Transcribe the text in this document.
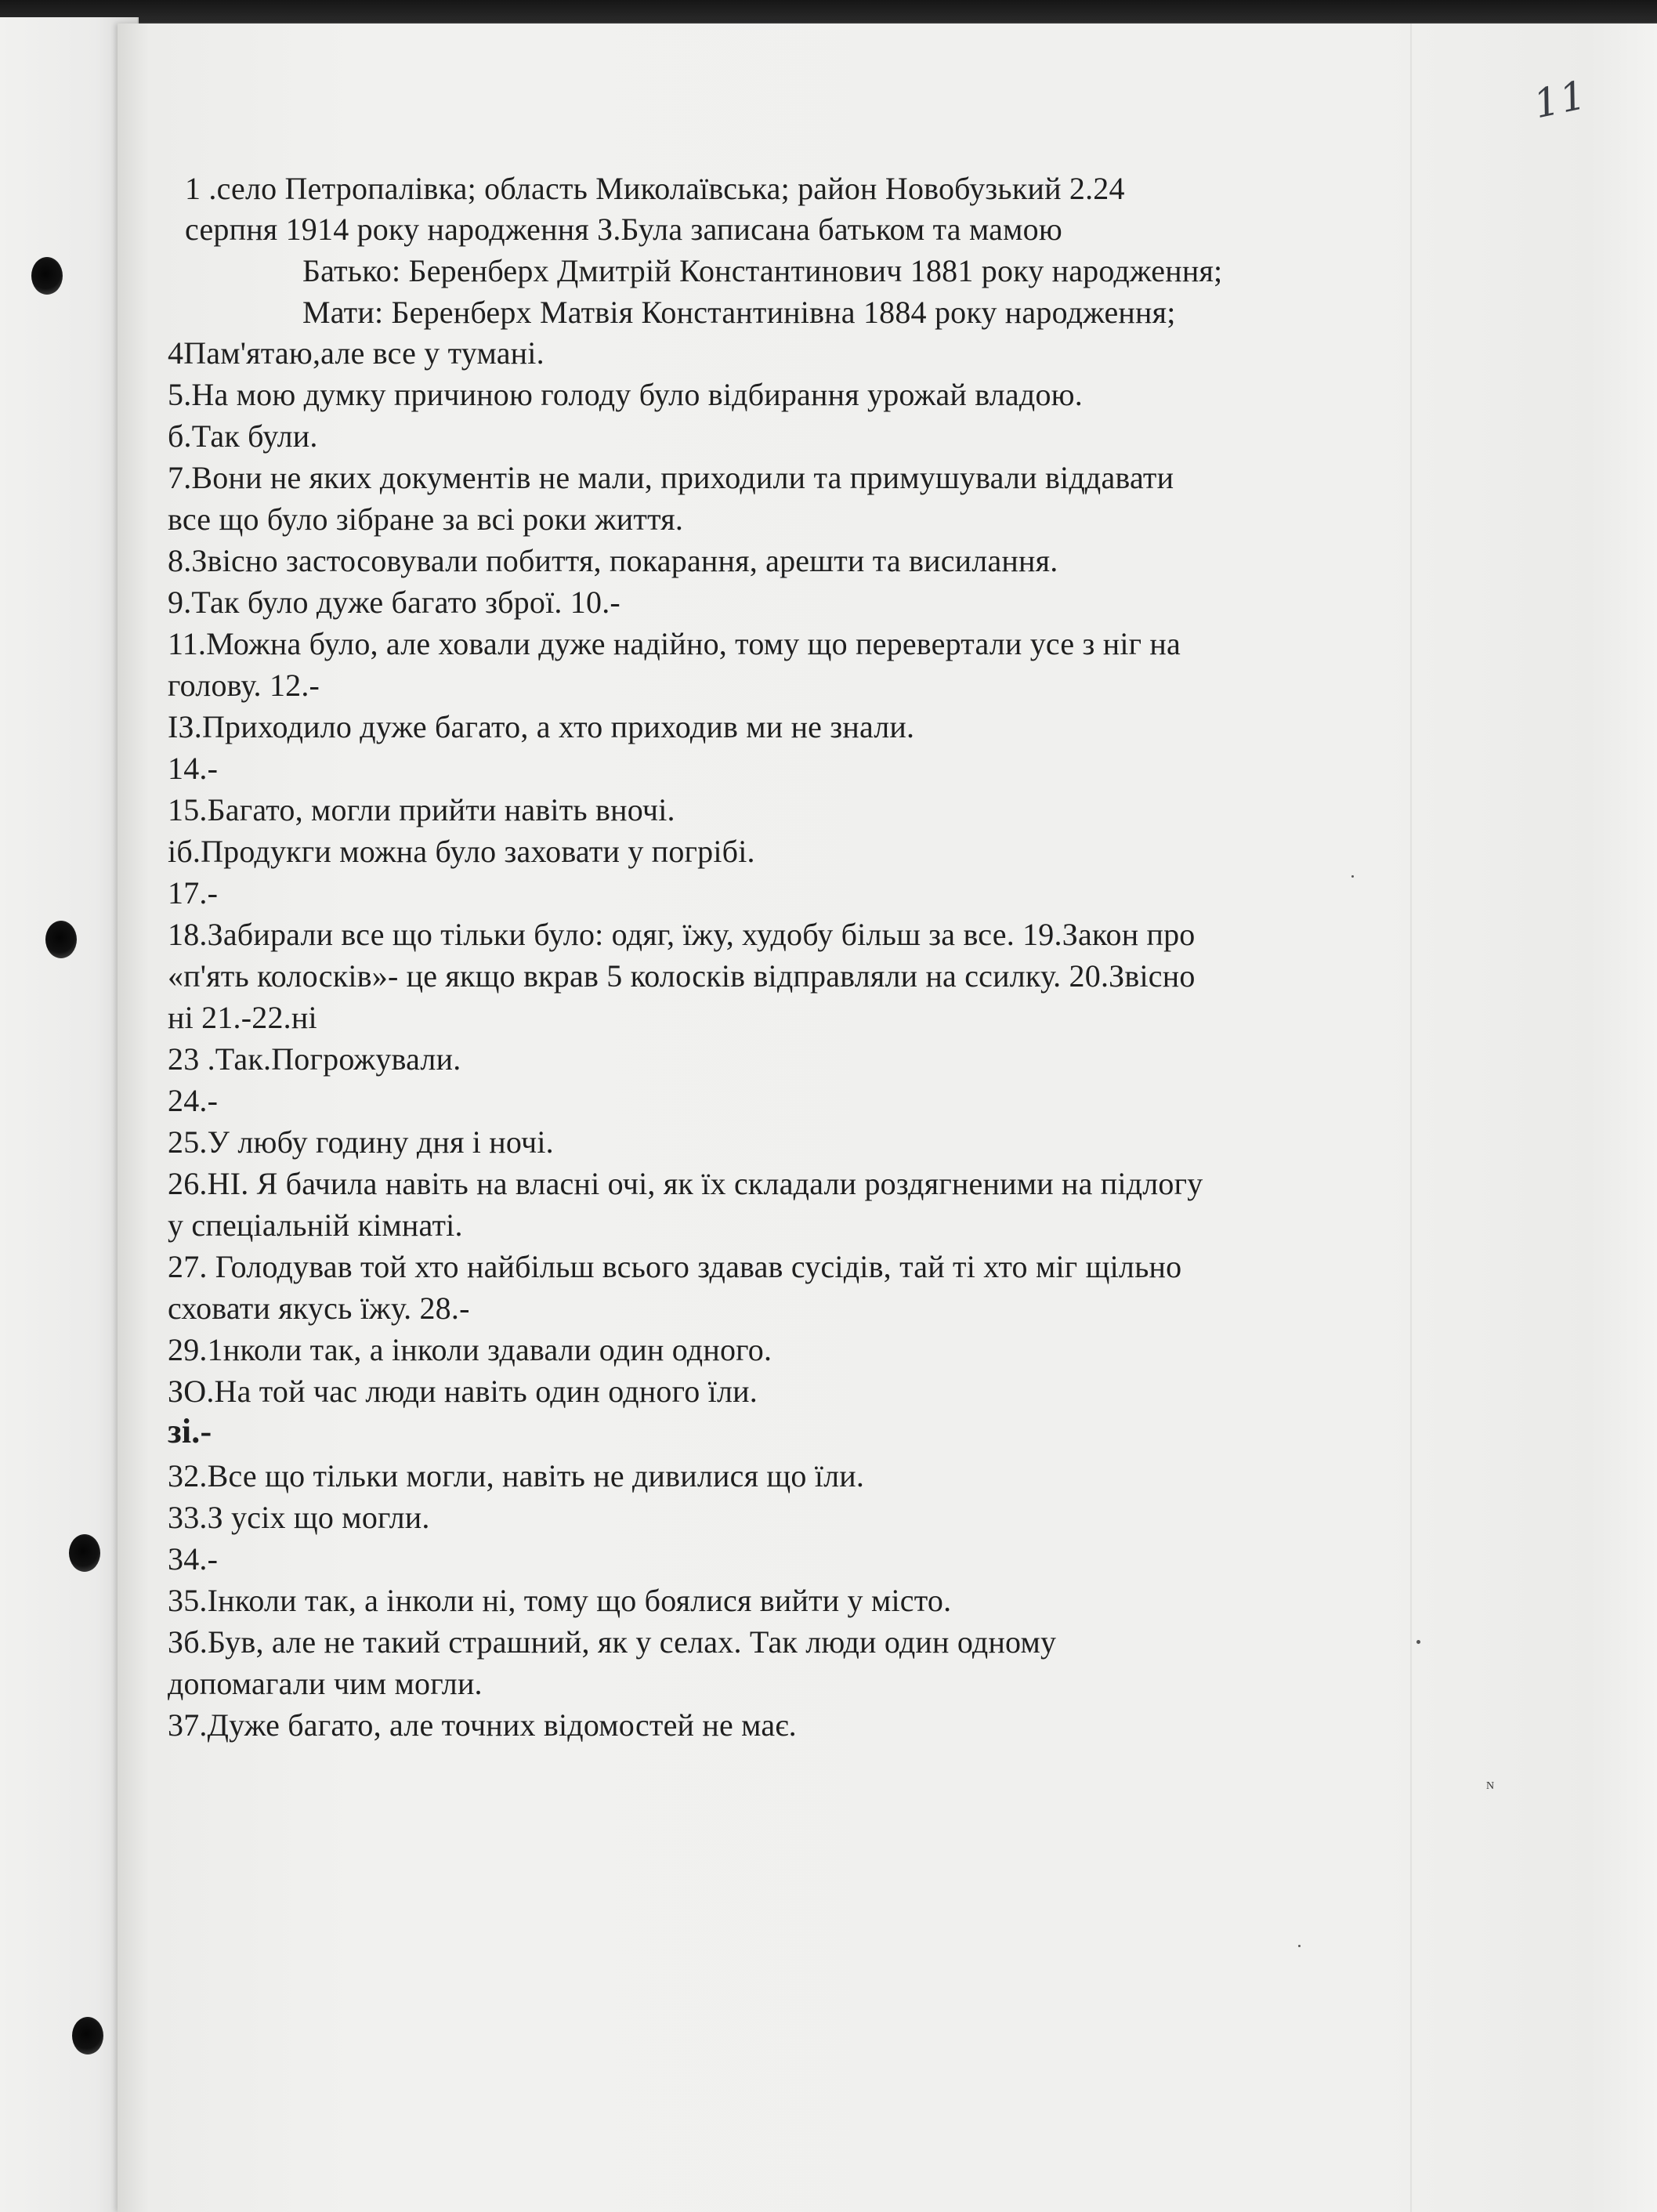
11
1 .село Петропалівка; область Миколаївська; район Новобузький 2.24
серпня 1914 року народження З.Була записана батьком та мамою
Батько: Беренберх Дмитрій Константинович 1881 року народження;
Мати: Беренберх Матвія Константинівна 1884 року народження;
4Пам'ятаю,але все у тумані.
5.На мою думку причиною голоду було відбирання урожай владою.
б.Так були.
7.Вони не яких документів не мали, приходили та примушували віддавати
все що було зібране за всі роки життя.
8.Звісно застосовували побиття, покарання, арешти та висилання.
9.Так було дуже багато зброї. 10.-
11.Можна було, але ховали дуже надійно, тому що перевертали усе з ніг на
голову. 12.-
ІЗ.Приходило дуже багато, а хто приходив ми не знали.
14.-
15.Багато, могли прийти навіть вночі.
іб.Продукги можна було заховати у погрібі.
17.-
18.Забирали все що тільки було: одяг, їжу, худобу більш за все. 19.Закон про
«п'ять колосків»- це якщо вкрав 5 колосків відправляли на ссилку. 20.Звісно
ні 21.-22.ні
23 .Так.Погрожували.
24.-
25.У любу годину дня і ночі.
26.НІ. Я бачила навіть на власні очі, як їх складали роздягненими на підлогу
у спеціальній кімнаті.
27. Голодував той хто найбільш всього здавав сусідів, тай ті хто міг щільно
сховати якусь їжу. 28.-
29.1нколи так, а інколи здавали один одного.
ЗО.На той час люди навіть один одного їли.
зі.-
32.Все що тільки могли, навіть не дивилися що їли.
33.З усіх що могли.
34.-
35.Інколи так, а інколи ні, тому що боялися вийти у місто.
Зб.Був, але не такий страшний, як у селах. Так люди один одному
допомагали чим могли.
37.Дуже багато, але точних відомостей не має.
N
